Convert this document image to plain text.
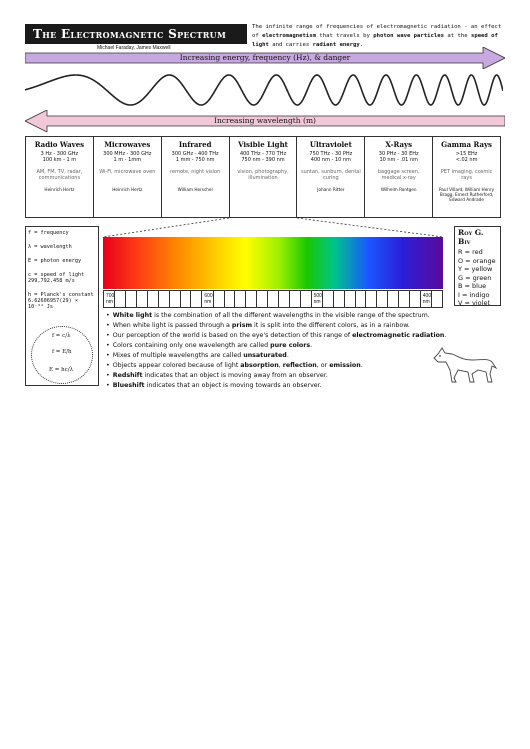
The Electromagnetic Spectrum
Michael Faraday, James Maxwell
The infinite range of frequencies of electromagnetic radiation - an effect of electromagnetism that travels by photon wave particles at the speed of light and carries radiant energy.
Increasing energy, frequency (Hz), & danger
Increasing wavelength (m)
Radio Waves
3 Hz - 300 GHz
100 km - 1 m
AM, FM, TV, radar, communications
Heinrich Hertz
Microwaves
300 MHz - 300 GHz
1 m - 1mm
Wi-Fi, microwave oven
Heinrich Hertz
Infrared
300 GHz - 400 THz
1 mm - 750 nm
remote, night vision
William Herschel
Visible Light
400 THz - 770 THz
750 nm - 390 nm
vision, photography, illumination
Ultraviolet
750 THz - 30 PHz
400 nm - 10 nm
suntan, sunburn, dental curing
Johann Ritter
X-Rays
30 PHz - 30 EHz
10 nm - .01 nm
baggage screen, medical x-ray
Wilhelm Rontgen
Gamma Rays
>15 EHz
<.02 nm
PET imaging, cosmic rays
Paul Villard, William Henry Bragg, Ernest Rutherford, Edward Andrade
f = frequency
λ = wavelength
E = photon energy
c = speed of light 299,792,458 m/s
h = Planck's constant 6.62606957(29) × 10⁻³⁴ Js
f = c/λ
f = E/h
E = hc/λ
700 nm
600 nm
500 nm
400 nm
Roy G. Biv
R = red
O = orange
Y = yellow
G = green
B = blue
I = indigo
V = violet
• White light is the combination of all the different wavelengths in the visible range of the spectrum.
• When white light is passed through a prism it is split into the different colors, as in a rainbow.
• Our perception of the world is based on the eye's detection of this range of electromagnetic radiation.
• Colors containing only one wavelength are called pure colors.
• Mixes of multiple wavelengths are called unsaturated.
• Objects appear colored because of light absorption, reflection, or emission.
• Redshift indicates that an object is moving away from an observer.
• Blueshift indicates that an object is moving towards an observer.
